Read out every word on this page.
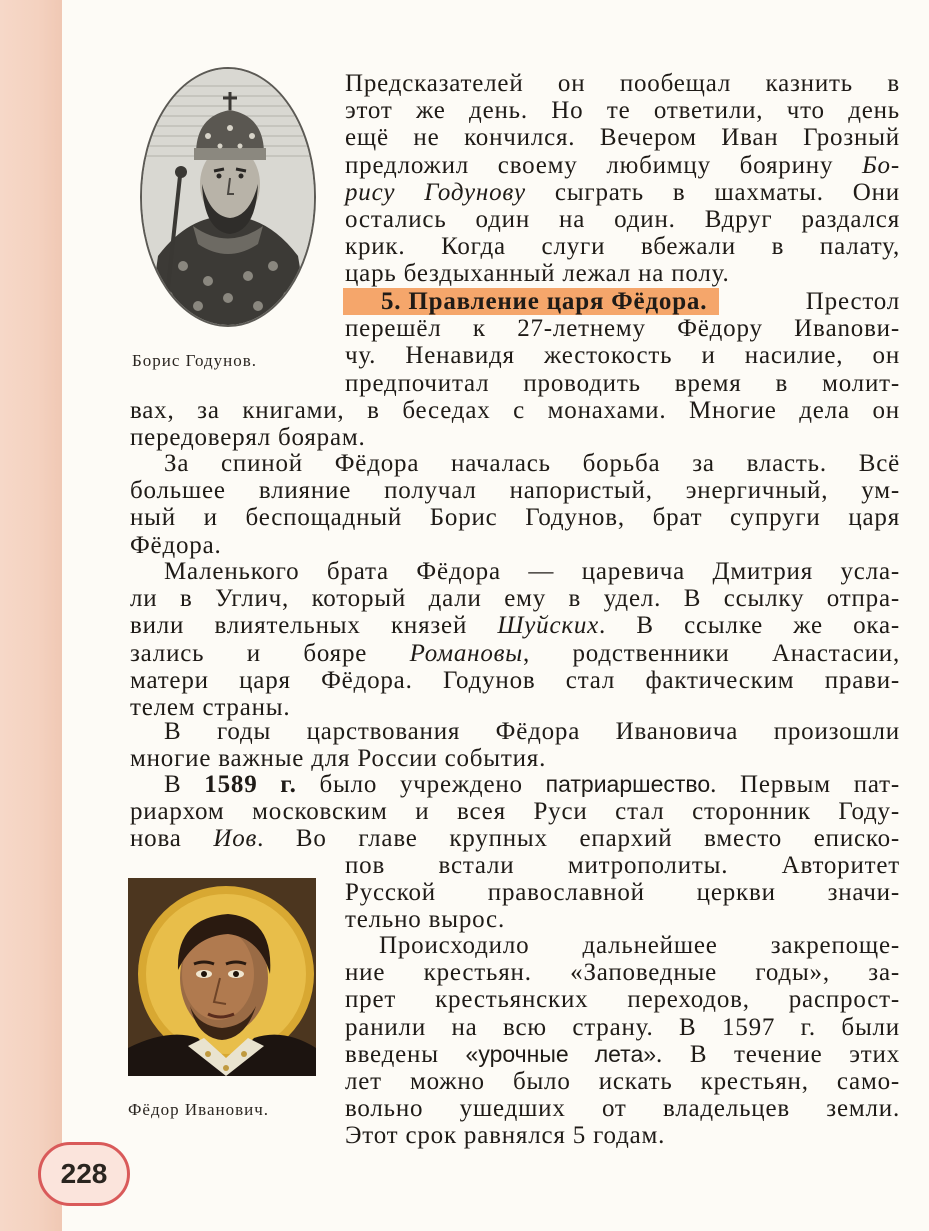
Борис Годунов.
Фёдор Иванович.
Предсказателей он пообещал казнить в
этот же день. Но те ответили, что день
ещё не кончился. Вечером Иван Грозный
предложил своему любимцу боярину Бо-
рису Годунову сыграть в шахматы. Они
остались один на один. Вдруг раздался
крик. Когда слуги вбежали в палату,
царь бездыханный лежал на полу.
5. Правление царя Фёдора. Престол
перешёл к 27-летнему Фёдору Ивanови-
чу. Ненавидя жестокость и насилие, он
предпочитал проводить время в молит-
вах, за книгами, в беседах с монахами. Многие дела он
передоверял боярам.
За спиной Фёдора началась борьба за власть. Всё
большее влияние получал напористый, энергичный, ум-
ный и беспощадный Борис Годунов, брат супруги царя
Фёдора.
Маленького брата Фёдора — царевича Дмитрия усла-
ли в Углич, который дали ему в удел. В ссылку отпра-
вили влиятельных князей Шуйских. В ссылке же ока-
зались и бояре Романовы, родственники Анастасии,
матери царя Фёдора. Годунов стал фактическим прави-
телем страны.
В годы царствования Фёдора Ивановича произошли
многие важные для России события.
В 1589 г. было учреждено патриаршество. Первым пат-
риархом московским и всея Руси стал сторонник Году-
нова Иов. Во главе крупных епархий вместо еписко-
пов встали митрополиты. Авторитет
Русской православной церкви значи-
тельно вырос.
Происходило дальнейшее закрепоще-
ние крестьян. «Заповедные годы», за-
прет крестьянских переходов, распрост-
ранили на всю страну. В 1597 г. были
введены «урочные лета». В течение этих
лет можно было искать крестьян, само-
вольно ушедших от владельцев земли.
Этот срок равнялся 5 годам.
228
